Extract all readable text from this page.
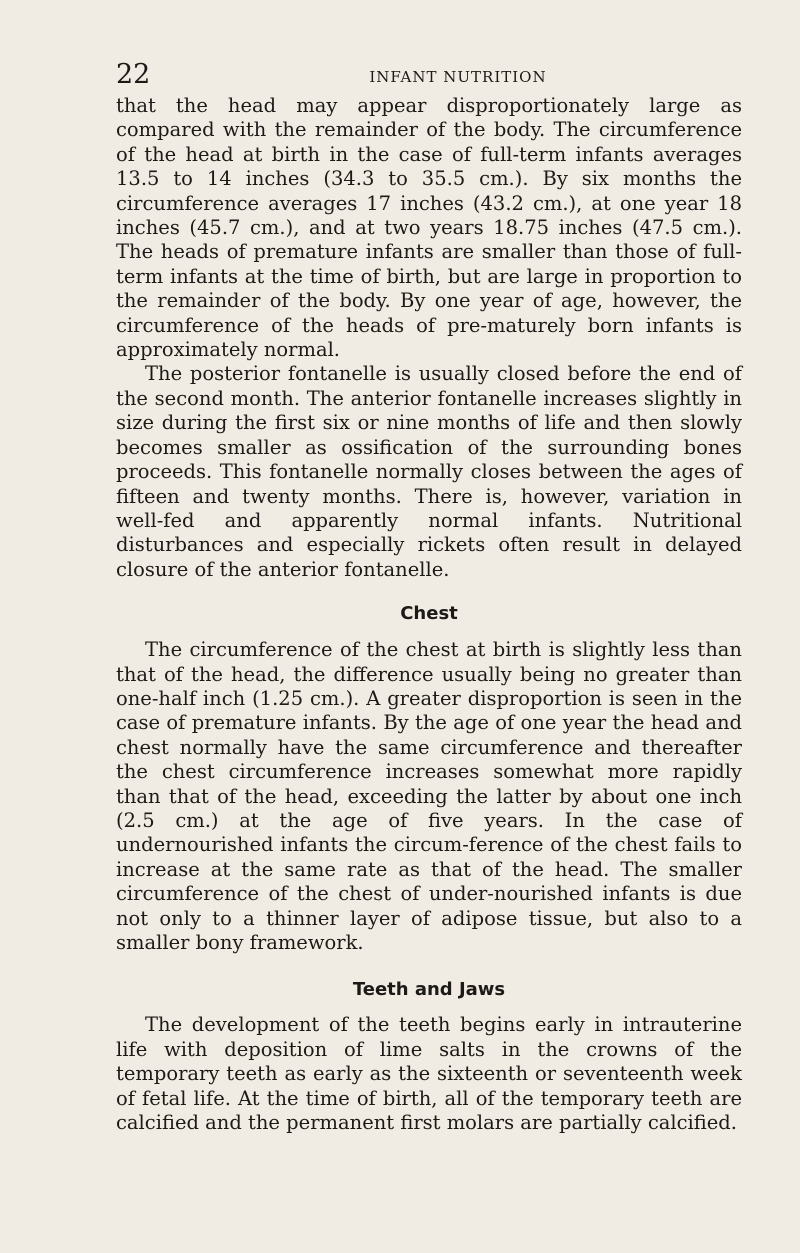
22	INFANT NUTRITION

that the head may appear disproportionately large as compared with the remainder of the body. The circumference of the head at birth in the case of full-term infants averages 13.5 to 14 inches (34.3 to 35.5 cm.). By six months the circumference averages 17 inches (43.2 cm.), at one year 18 inches (45.7 cm.), and at two years 18.75 inches (47.5 cm.). The heads of premature infants are smaller than those of full-term infants at the time of birth, but are large in proportion to the remainder of the body. By one year of age, however, the circumference of the heads of pre-maturely born infants is approximately normal.

The posterior fontanelle is usually closed before the end of the second month. The anterior fontanelle increases slightly in size during the first six or nine months of life and then slowly becomes smaller as ossification of the surrounding bones proceeds. This fontanelle normally closes between the ages of fifteen and twenty months. There is, however, variation in well-fed and apparently normal infants. Nutritional disturbances and especially rickets often result in delayed closure of the anterior fontanelle.

Chest

The circumference of the chest at birth is slightly less than that of the head, the difference usually being no greater than one-half inch (1.25 cm.). A greater disproportion is seen in the case of premature infants. By the age of one year the head and chest normally have the same circumference and thereafter the chest circumference increases somewhat more rapidly than that of the head, exceeding the latter by about one inch (2.5 cm.) at the age of five years. In the case of undernourished infants the circum-ference of the chest fails to increase at the same rate as that of the head. The smaller circumference of the chest of under-nourished infants is due not only to a thinner layer of adipose tissue, but also to a smaller bony framework.

Teeth and Jaws

The development of the teeth begins early in intrauterine life with deposition of lime salts in the crowns of the temporary teeth as early as the sixteenth or seventeenth week of fetal life. At the time of birth, all of the temporary teeth are calcified and the permanent first molars are partially calcified.
